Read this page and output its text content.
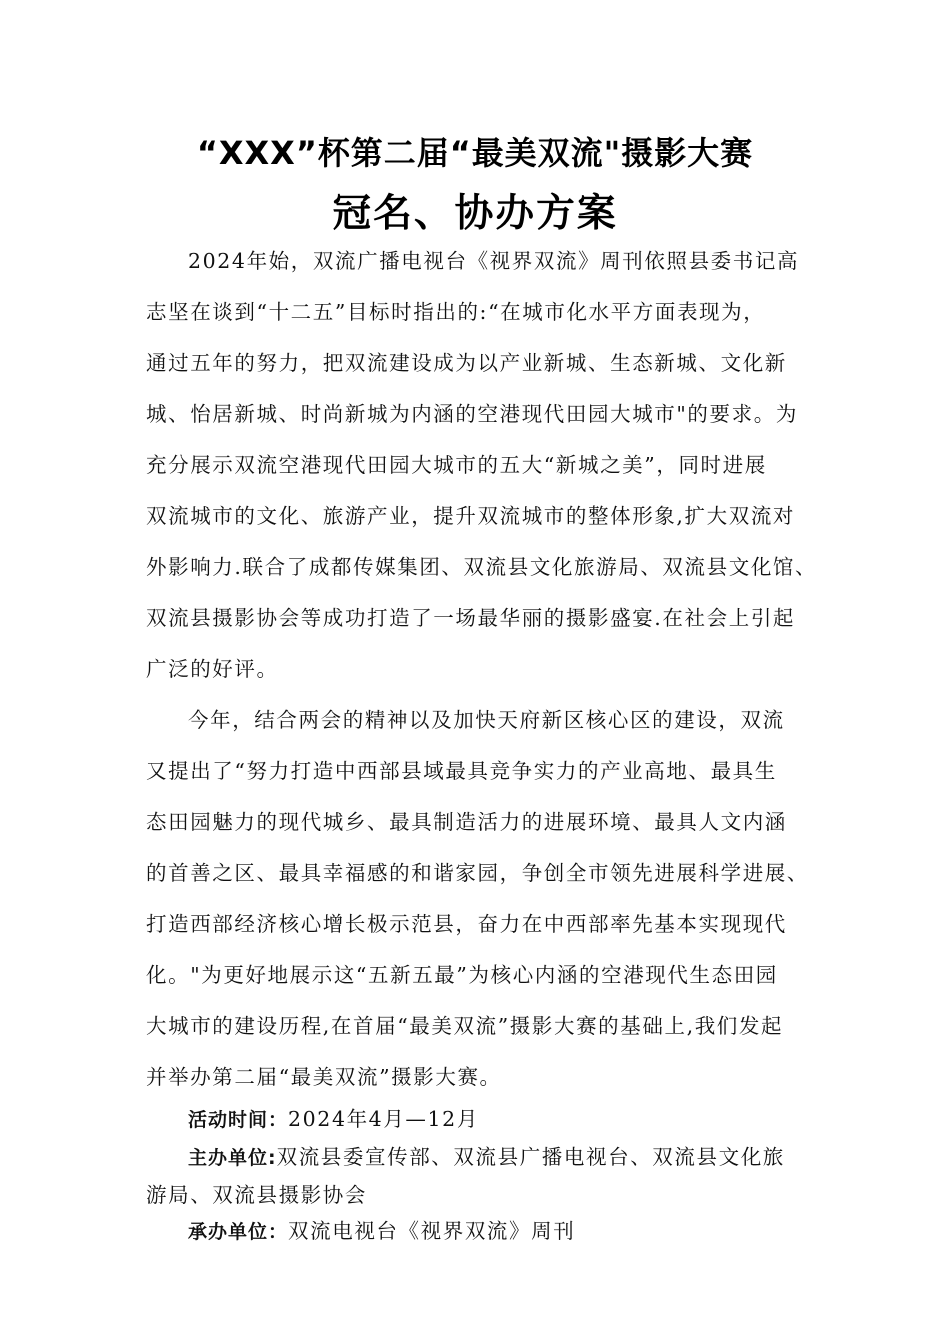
“XXX”杯第二届“最美双流"摄影大赛
冠名、协办方案
2024年始，双流广播电视台《视界双流》周刊依照县委书记高
志坚在谈到“十二五”目标时指出的:“在城市化水平方面表现为，
通过五年的努力，把双流建设成为以产业新城、生态新城、文化新
城、怡居新城、时尚新城为内涵的空港现代田园大城市"的要求。为
充分展示双流空港现代田园大城市的五大“新城之美”，同时进展
双流城市的文化、旅游产业，提升双流城市的整体形象,扩大双流对
外影响力.联合了成都传媒集团、双流县文化旅游局、双流县文化馆、
双流县摄影协会等成功打造了一场最华丽的摄影盛宴.在社会上引起
广泛的好评。
今年，结合两会的精神以及加快天府新区核心区的建设，双流
又提出了“努力打造中西部县域最具竞争实力的产业高地、最具生
态田园魅力的现代城乡、最具制造活力的进展环境、最具人文内涵
的首善之区、最具幸福感的和谐家园，争创全市领先进展科学进展、
打造西部经济核心增长极示范县，奋力在中西部率先基本实现现代
化。"为更好地展示这“五新五最”为核心内涵的空港现代生态田园
大城市的建设历程,在首届“最美双流”摄影大赛的基础上,我们发起
并举办第二届“最美双流”摄影大赛。
活动时间：2024年4月—12月
主办单位:双流县委宣传部、双流县广播电视台、双流县文化旅
游局、双流县摄影协会
承办单位：双流电视台《视界双流》周刊
